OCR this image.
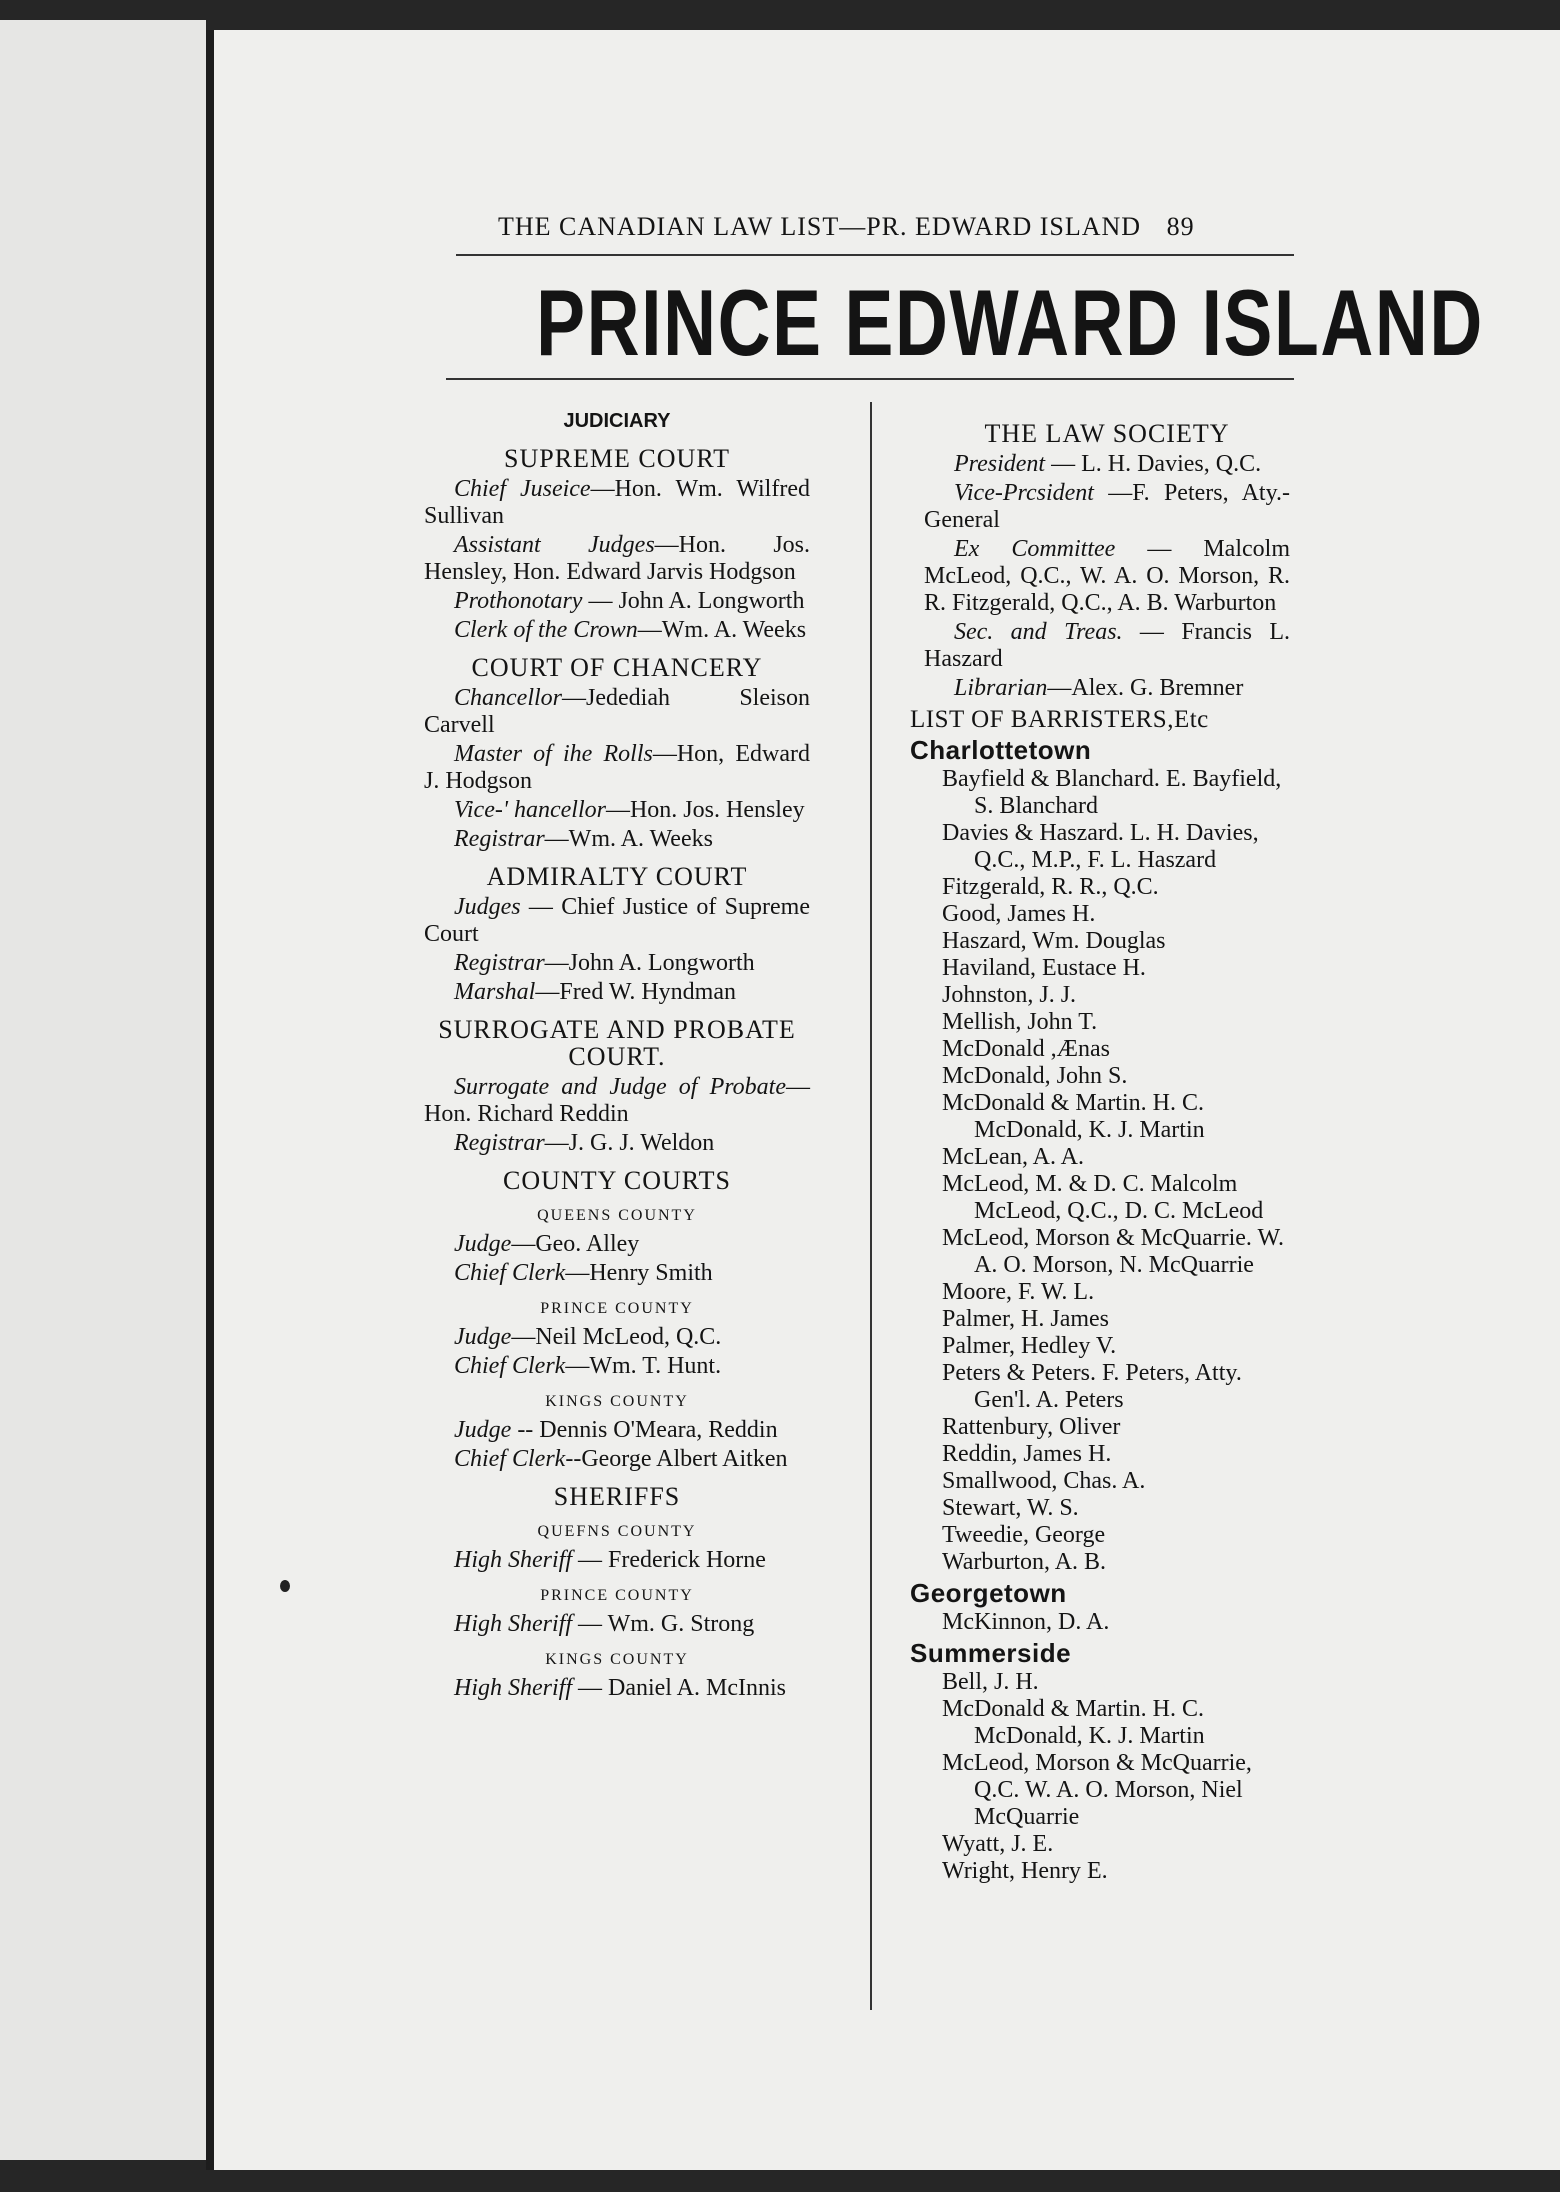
THE CANADIAN LAW LIST—PR. EDWARD ISLAND 89
PRINCE EDWARD ISLAND
JUDICIARY
SUPREME COURT
Chief Juseice—Hon. Wm. Wilfred Sullivan
Assistant Judges—Hon. Jos. Hensley, Hon. Edward Jarvis Hodgson
Prothonotary — John A. Longworth
Clerk of the Crown—Wm. A. Weeks
COURT OF CHANCERY
Chancellor—Jedediah Sleison Carvell
Master of ihe Rolls—Hon, Edward J. Hodgson
Vice-' hancellor—Hon. Jos. Hensley
Registrar—Wm. A. Weeks
ADMIRALTY COURT
Judges — Chief Justice of Supreme Court
Registrar—John A. Longworth
Marshal—Fred W. Hyndman
SURROGATE AND PROBATE COURT.
Surrogate and Judge of Probate—Hon. Richard Reddin
Registrar—J. G. J. Weldon
COUNTY COURTS
QUEENS COUNTY
Judge—Geo. Alley
Chief Clerk—Henry Smith
PRINCE COUNTY
Judge—Neil McLeod, Q.C.
Chief Clerk—Wm. T. Hunt.
KINGS COUNTY
Judge -- Dennis O'Meara, Reddin
Chief Clerk--George Albert Aitken
SHERIFFS
QUEFNS COUNTY
High Sheriff — Frederick Horne
PRINCE COUNTY
High Sheriff — Wm. G. Strong
KINGS COUNTY
High Sheriff — Daniel A. McInnis
THE LAW SOCIETY
President — L. H. Davies, Q.C.
Vice-Prcsident —F. Peters, Aty.-General
Ex Committee — Malcolm McLeod, Q.C., W. A. O. Morson, R. R. Fitzgerald, Q.C., A. B. Warburton
Sec. and Treas. — Francis L. Haszard
Librarian—Alex. G. Bremner
LIST OF BARRISTERS,Etc
Charlottetown
Bayfield & Blanchard. E. Bayfield, S. Blanchard
Davies & Haszard. L. H. Davies, Q.C., M.P., F. L. Haszard
Fitzgerald, R. R., Q.C.
Good, James H.
Haszard, Wm. Douglas
Haviland, Eustace H.
Johnston, J. J.
Mellish, John T.
McDonald ,Ænas
McDonald, John S.
McDonald & Martin. H. C. McDonald, K. J. Martin
McLean, A. A.
McLeod, M. & D. C. Malcolm McLeod, Q.C., D. C. McLeod
McLeod, Morson & McQuarrie. W. A. O. Morson, N. McQuarrie
Moore, F. W. L.
Palmer, H. James
Palmer, Hedley V.
Peters & Peters. F. Peters, Atty. Gen'l. A. Peters
Rattenbury, Oliver
Reddin, James H.
Smallwood, Chas. A.
Stewart, W. S.
Tweedie, George
Warburton, A. B.
Georgetown
McKinnon, D. A.
Summerside
Bell, J. H.
McDonald & Martin. H. C. McDonald, K. J. Martin
McLeod, Morson & McQuarrie, Q.C. W. A. O. Morson, Niel McQuarrie
Wyatt, J. E.
Wright, Henry E.
